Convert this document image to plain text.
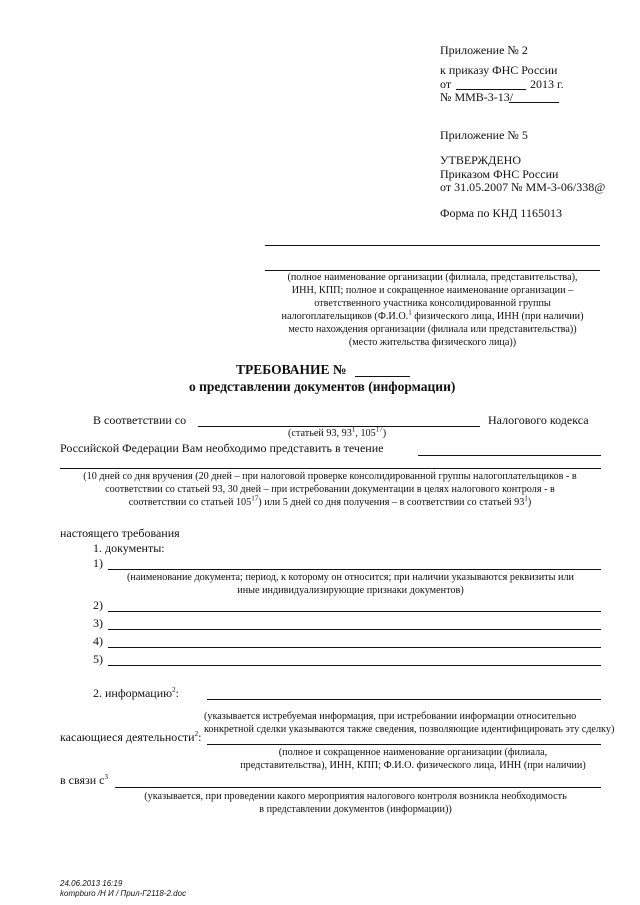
Приложение № 2
к приказу ФНС России
от	2013 г.
№ ММВ-3-13/
Приложение № 5
УТВЕРЖДЕНО
Приказом ФНС России
от 31.05.2007 № ММ-3-06/338@
Форма по КНД 1165013
(полное наименование организации (филиала, представительства),
ИНН, КПП; полное и сокращенное наименование организации –
ответственного участника консолидированной группы
налогоплательщиков (Ф.И.О.$^1$ физического лица, ИНН (при наличии)
место нахождения организации (филиала или представительства))
(место жительства физического лица))
ТРЕБОВАНИЕ №
о представлении документов (информации)
В соответствии со	Налогового кодекса
(статьей 93, $93^1$, $105^{17}$)
Российской Федерации Вам необходимо представить в течение
(10 дней со дня вручения (20 дней – при налоговой проверке консолидированной группы налогоплательщиков - в
соответствии со статьей 93, 30 дней – при истребовании документации в целях налогового контроля - в
соответствии со статьей $105^{17}$) или 5 дней со дня получения – в соответствии со статьей $93^1$)
настоящего требования
1. документы:
1)
(наименование документа; период, к которому он относится; при наличии указываются реквизиты или
иные индивидуализирующие признаки документов)
2)
3)
4)
5)
2. информацию$^2$:
(указывается истребуемая информация, при истребовании информации относительно
конкретной сделки указываются также сведения, позволяющие идентифицировать эту сделку)
касающиеся деятельности$^2$:
(полное и сокращенное наименование организации (филиала,
представительства), ИНН, КПП; Ф.И.О. физического лица, ИНН (при наличии)
в связи $с^3$
(указывается, при проведении какого мероприятия налогового контроля возникла необходимость
в представлении документов (информации))
24.06.2013 16:19
kompburo /Н И / Прил-Г2118-2.doc
